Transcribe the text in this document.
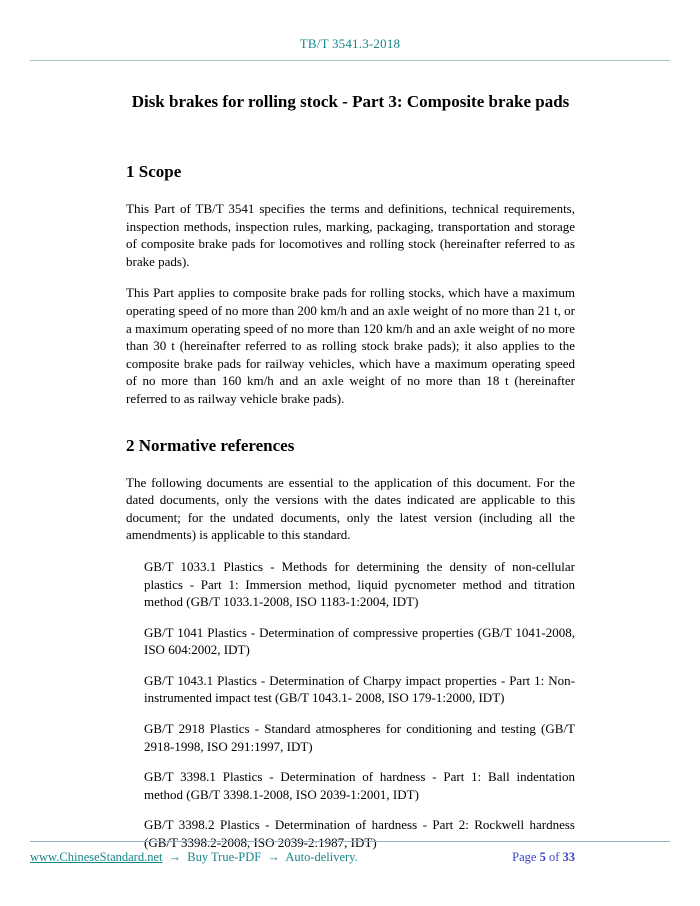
TB/T 3541.3-2018
Disk brakes for rolling stock - Part 3: Composite brake pads
1 Scope

This Part of TB/T 3541 specifies the terms and definitions, technical requirements, inspection methods, inspection rules, marking, packaging, transportation and storage of composite brake pads for locomotives and rolling stock (hereinafter referred to as brake pads).

This Part applies to composite brake pads for rolling stocks, which have a maximum operating speed of no more than 200 km/h and an axle weight of no more than 21 t, or a maximum operating speed of no more than 120 km/h and an axle weight of no more than 30 t (hereinafter referred to as rolling stock brake pads); it also applies to the composite brake pads for railway vehicles, which have a maximum operating speed of no more than 160 km/h and an axle weight of no more than 18 t (hereinafter referred to as railway vehicle brake pads).

2 Normative references

The following documents are essential to the application of this document. For the dated documents, only the versions with the dates indicated are applicable to this document; for the undated documents, only the latest version (including all the amendments) is applicable to this standard.

GB/T 1033.1 Plastics - Methods for determining the density of non-cellular plastics - Part 1: Immersion method, liquid pycnometer method and titration method (GB/T 1033.1-2008, ISO 1183-1:2004, IDT)

GB/T 1041 Plastics - Determination of compressive properties (GB/T 1041-2008, ISO 604:2002, IDT)

GB/T 1043.1 Plastics - Determination of Charpy impact properties - Part 1: Non-instrumented impact test (GB/T 1043.1- 2008, ISO 179-1:2000, IDT)

GB/T 2918 Plastics - Standard atmospheres for conditioning and testing (GB/T 2918-1998, ISO 291:1997, IDT)

GB/T 3398.1 Plastics - Determination of hardness - Part 1: Ball indentation method (GB/T 3398.1-2008, ISO 2039-1:2001, IDT)

GB/T 3398.2 Plastics - Determination of hardness - Part 2: Rockwell hardness (GB/T 3398.2-2008, ISO 2039-2:1987, IDT)

www.ChineseStandard.net → Buy True-PDF → Auto-delivery.	Page 5 of 33
